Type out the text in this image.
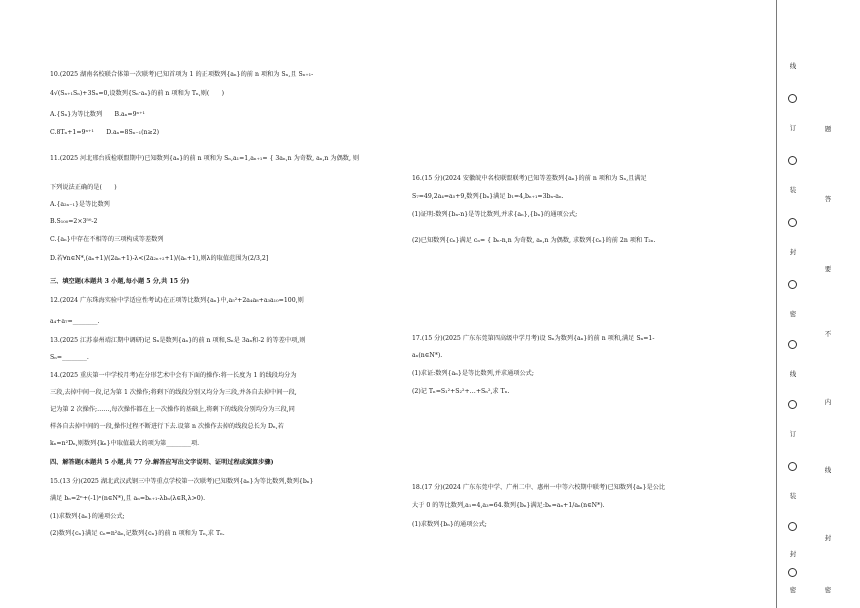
10.(2025 湖南名校联合体第一次联考)已知首项为 1 的正项数列{aₙ}的前 n 项和为 Sₙ,且 Sₙ₊₁-
4√(Sₙ₊₁Sₙ)+3Sₙ=0,设数列{Sₙ·aₙ}的前 n 项和为 Tₙ,则(　　)
A.{Sₙ}为等比数列　　B.aₙ=9ⁿ⁺¹
C.8Tₙ+1=9ⁿ⁺¹　　D.aₙ=8Sₙ₋₁(n≥2)
11.(2025 河北邢台质检联盟期中)已知数列{aₙ}的前 n 项和为 Sₙ,a₁=1,aₙ₊₁= { 3aₙ,n 为奇数, aₙ,n 为偶数, 则
下列说法正确的是(　　)
A.{a₂ₙ₋₁}是等比数列
B.S₁₀₀=2×3⁵⁰-2
C.{aₙ}中存在不相等的三项构成等差数列
D.若∀n∈N*,(aₙ+1)/(2aₙ+1)-λ<(2a₂ₙ₊₂+1)/(aₙ+1),则λ的取值范围为(2/3,2]
三、填空题(本题共 3 小题,每小题 5 分,共 15 分)
12.(2024 广东珠海实验中学适应性考试)在正项等比数列{aₙ}中,a₅²+2a₄a₈+a₃a₁₀=100,则
a₄+a₇=________.
13.(2025 江苏泰州靖江期中调研)记 Sₙ是数列{aₙ}的前 n 项和,Sₙ是 3aₙ和-2 的等差中项,则
Sₙ=________.
14.(2025 重庆第一中学校月考)在分形艺术中会有下面的操作:将一长度为 1 的线段均分为
三段,去掉中间一段,记为第 1 次操作;将剩下的线段分别又均分为三段,并各自去掉中间一段,
记为第 2 次操作;……,每次操作都在上一次操作的基础上,将剩下的线段分别均分为三段,同
样各自去掉中间的一段,操作过程不断进行下去.设第 n 次操作去掉的线段总长为 Dₙ,若
kₙ=n²Dₙ,则数列{kₙ}中取值最大的项为第________项.
四、解答题(本题共 5 小题,共 77 分.解答应写出文字说明、证明过程或演算步骤)
15.(13 分)(2025 湖北武汉武钢三中等重点学校第一次联考)已知数列{aₙ}为等比数列,数列{bₙ}
满足 bₙ=2ⁿ+(-1)ⁿ(n∈N*),且 aₙ=bₙ₊₁-λbₙ(λ∈R,λ>0).
(1)求数列{aₙ}的通项公式;
(2)数列{cₙ}满足 cₙ=n²aₙ,记数列{cₙ}的前 n 项和为 Tₙ,求 Tₙ.
16.(15 分)(2024 安徽皖中名校联盟联考)已知等差数列{aₙ}的前 n 项和为 Sₙ,且满足
S₇=49,2a₄=a₅+9,数列{bₙ}满足 b₁=4,bₙ₊₁=3bₙ-aₙ.
(1)证明:数列{bₙ-n}是等比数列,并求{aₙ},{bₙ}的通项公式;
(2)已知数列{cₙ}满足 cₙ= { bₙ-n,n 为奇数, aₙ,n 为偶数, 求数列{cₙ}的前 2n 项和 T₂ₙ.
17.(15 分)(2025 广东东莞第四高级中学月考)设 Sₙ为数列{aₙ}的前 n 项和,满足 Sₙ=1-
aₙ(n∈N*).
(1)求证:数列{aₙ}是等比数列,并求通项公式;
(2)记 Tₙ=S₁²+S₂²+…+Sₙ²,求 Tₙ.
18.(17 分)(2024 广东东莞中学、广州二中、惠州一中等六校期中联考)已知数列{aₙ}是公比
大于 0 的等比数列,a₁=4,a₃=64.数列{bₙ}满足:bₙ=aₙ+1/aₙ(n∈N*).
(1)求数列{bₙ}的通项公式;
线
订
装
封
密
线
订
装
封
密
题
答
要
不
内
线
封
密
